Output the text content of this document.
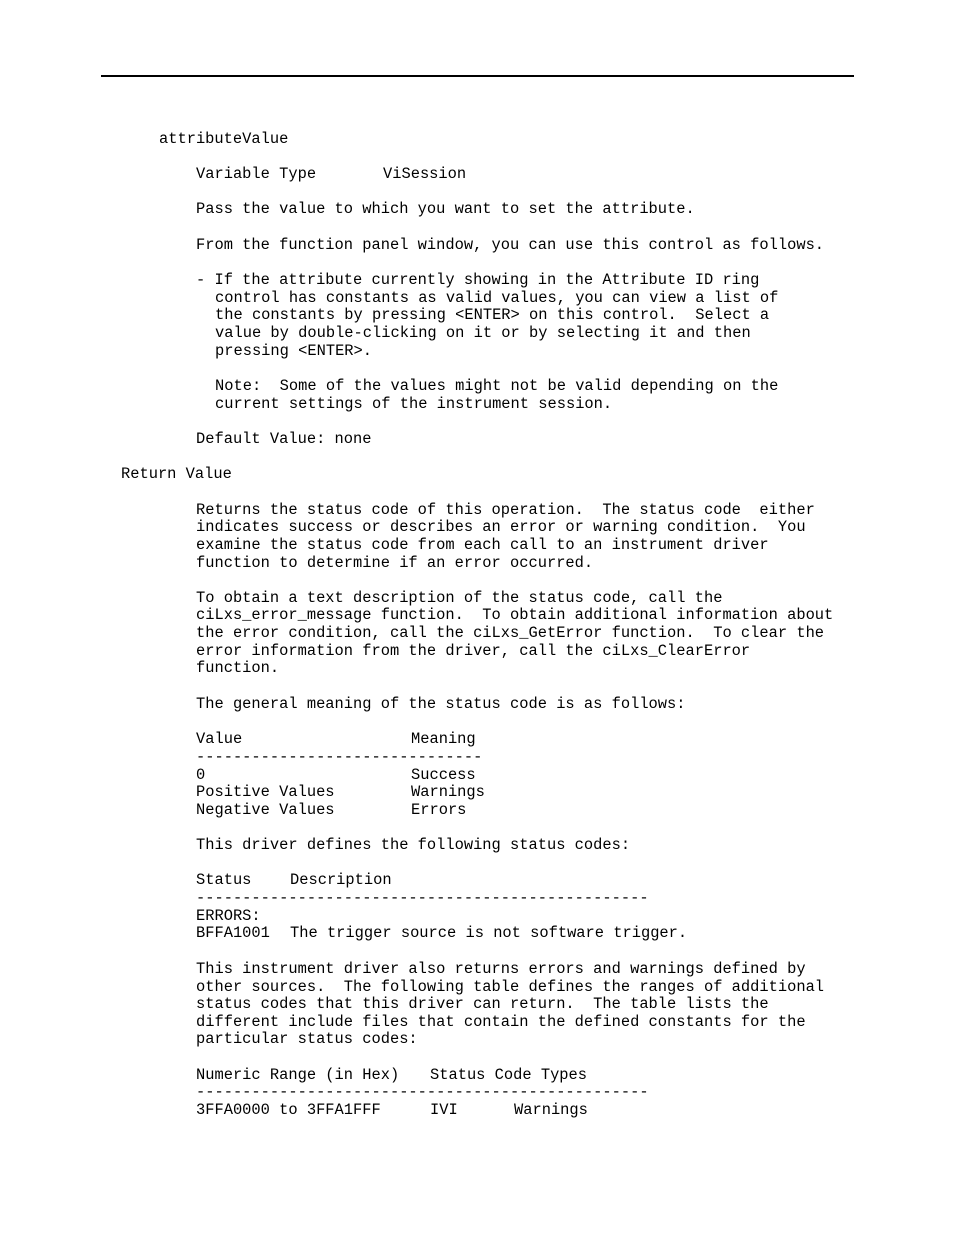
attributeValue
Variable Type	ViSession
Pass the value to which you want to set the attribute.
From the function panel window, you can use this control as follows.
- If the attribute currently showing in the Attribute ID ring
control has constants as valid values, you can view a list of
the constants by pressing <ENTER> on this control.  Select a
value by double-clicking on it or by selecting it and then
pressing <ENTER>.
Note:  Some of the values might not be valid depending on the
current settings of the instrument session.
Default Value: none
Return Value
Returns the status code of this operation.  The status code  either
indicates success or describes an error or warning condition.  You
examine the status code from each call to an instrument driver
function to determine if an error occurred.
To obtain a text description of the status code, call the
ciLxs_error_message function.  To obtain additional information about
the error condition, call the ciLxs_GetError function.  To clear the
error information from the driver, call the ciLxs_ClearError
function.
The general meaning of the status code is as follows:
Value	Meaning
-------------------------------
0	Success
Positive Values	Warnings
Negative Values	Errors
This driver defines the following status codes:
Status	Description
-------------------------------------------------
ERRORS:
BFFA1001 The trigger source is not software trigger.
This instrument driver also returns errors and warnings defined by
other sources.  The following table defines the ranges of additional
status codes that this driver can return.  The table lists the
different include files that contain the defined constants for the
particular status codes:
Numeric Range (in Hex) Status Code Types
-------------------------------------------------
3FFA0000 to 3FFA1FFF	IVI	Warnings
